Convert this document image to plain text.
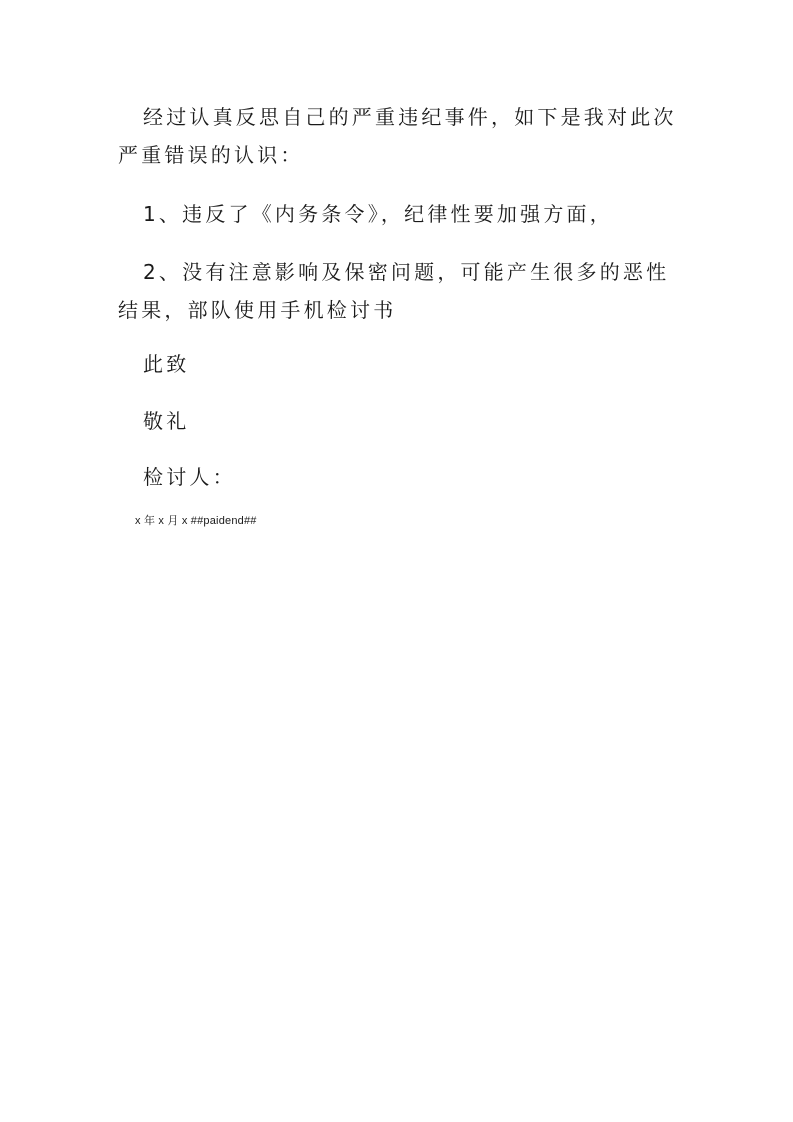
经过认真反思自己的严重违纪事件，如下是我对此次严重错误的认识：

1、违反了《内务条令》，纪律性要加强方面，

2、没有注意影响及保密问题，可能产生很多的恶性结果，部队使用手机检讨书

此致

敬礼

检讨人：

x 年 x 月 x ##paidend##
